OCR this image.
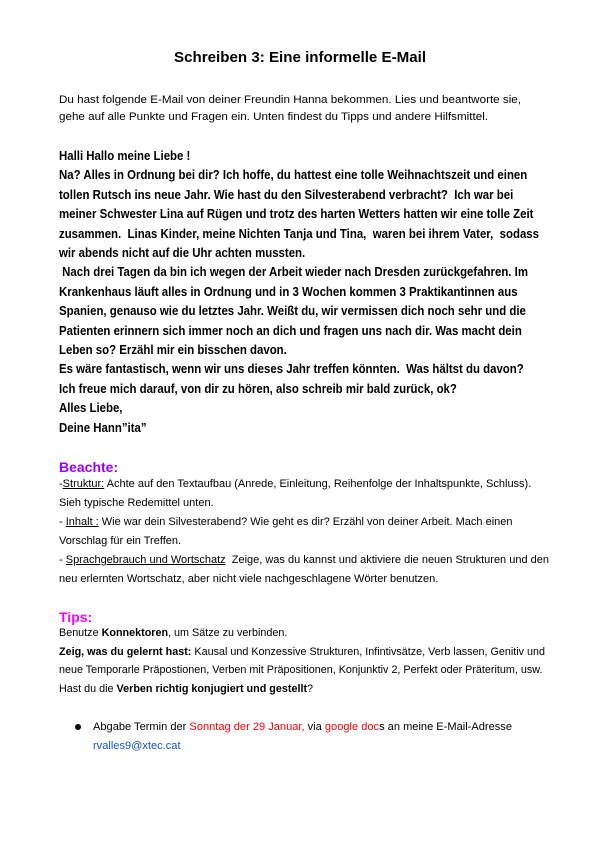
Schreiben 3: Eine informelle E-Mail
Du hast folgende E-Mail von deiner Freundin Hanna bekommen. Lies und beantworte sie,
gehe auf alle Punkte und Fragen ein. Unten findest du Tipps und andere Hilfsmittel.
Halli Hallo meine Liebe !
Na? Alles in Ordnung bei dir? Ich hoffe, du hattest eine tolle Weihnachtszeit und einen
tollen Rutsch ins neue Jahr. Wie hast du den Silvesterabend verbracht?  Ich war bei
meiner Schwester Lina auf Rügen und trotz des harten Wetters hatten wir eine tolle Zeit
zusammen.  Linas Kinder, meine Nichten Tanja und Tina,  waren bei ihrem Vater,  sodass
wir abends nicht auf die Uhr achten mussten.
Nach drei Tagen da bin ich wegen der Arbeit wieder nach Dresden zurückgefahren. Im
Krankenhaus läuft alles in Ordnung und in 3 Wochen kommen 3 Praktikantinnen aus
Spanien, genauso wie du letztes Jahr. Weißt du, wir vermissen dich noch sehr und die
Patienten erinnern sich immer noch an dich und fragen uns nach dir. Was macht dein
Leben so? Erzähl mir ein bisschen davon.
Es wäre fantastisch, wenn wir uns dieses Jahr treffen könnten.  Was hältst du davon?
Ich freue mich darauf, von dir zu hören, also schreib mir bald zurück, ok?
Alles Liebe,
Deine Hann”ita”
Beachte:
-Struktur: Achte auf den Textaufbau (Anrede, Einleitung, Reihenfolge der Inhaltspunkte, Schluss).
Sieh typische Redemittel unten.
- Inhalt : Wie war dein Silvesterabend? Wie geht es dir? Erzähl von deiner Arbeit. Mach einen
Vorschlag für ein Treffen.
- Sprachgebrauch und Wortschatz  Zeige, was du kannst und aktiviere die neuen Strukturen und den
neu erlernten Wortschatz, aber nicht viele nachgeschlagene Wörter benutzen.
Tips:
Benutze Konnektoren, um Sätze zu verbinden.
Zeig, was du gelernt hast: Kausal und Konzessive Strukturen, Infintivsätze, Verb lassen, Genitiv und
neue Temporarle Präpostionen, Verben mit Präpositionen, Konjunktiv 2, Perfekt oder Präteritum, usw.
Hast du die Verben richtig konjugiert und gestellt?
Abgabe Termin der Sonntag der 29 Januar, via google docs an meine E-Mail-Adresse
rvalles9@xtec.cat
